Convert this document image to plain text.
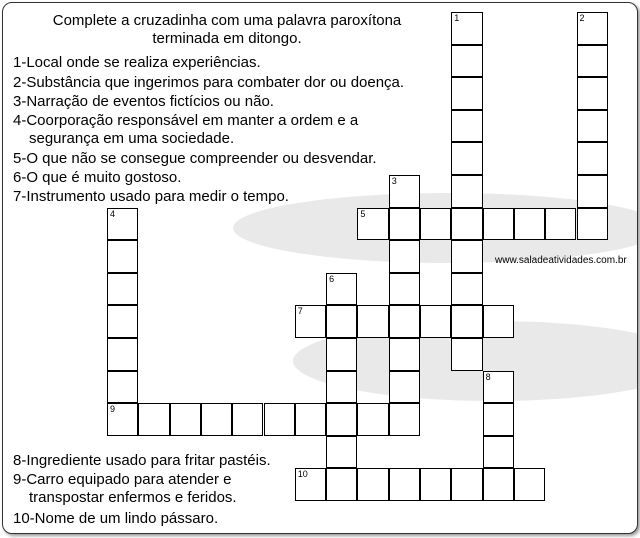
Complete a cruzadinha com uma palavra paroxítona
terminada em ditongo.
1-Local onde se realiza experiências.
2-Substância que ingerimos para combater dor ou doença.
3-Narração de eventos fictícios ou não.
4-Coorporação responsável em manter a ordem e a
segurança em uma sociedade.
5-O que não se consegue compreender ou desvendar.
6-O que é muito gostoso.
7-Instrumento usado para medir o tempo.
8-Ingrediente usado para fritar pastéis.
9-Carro equipado para atender e
transpostar enfermos e feridos.
10-Nome de um lindo pássaro.
www.saladeatividades.com.br
1	2
3
4	5
6
7
8
9
10
